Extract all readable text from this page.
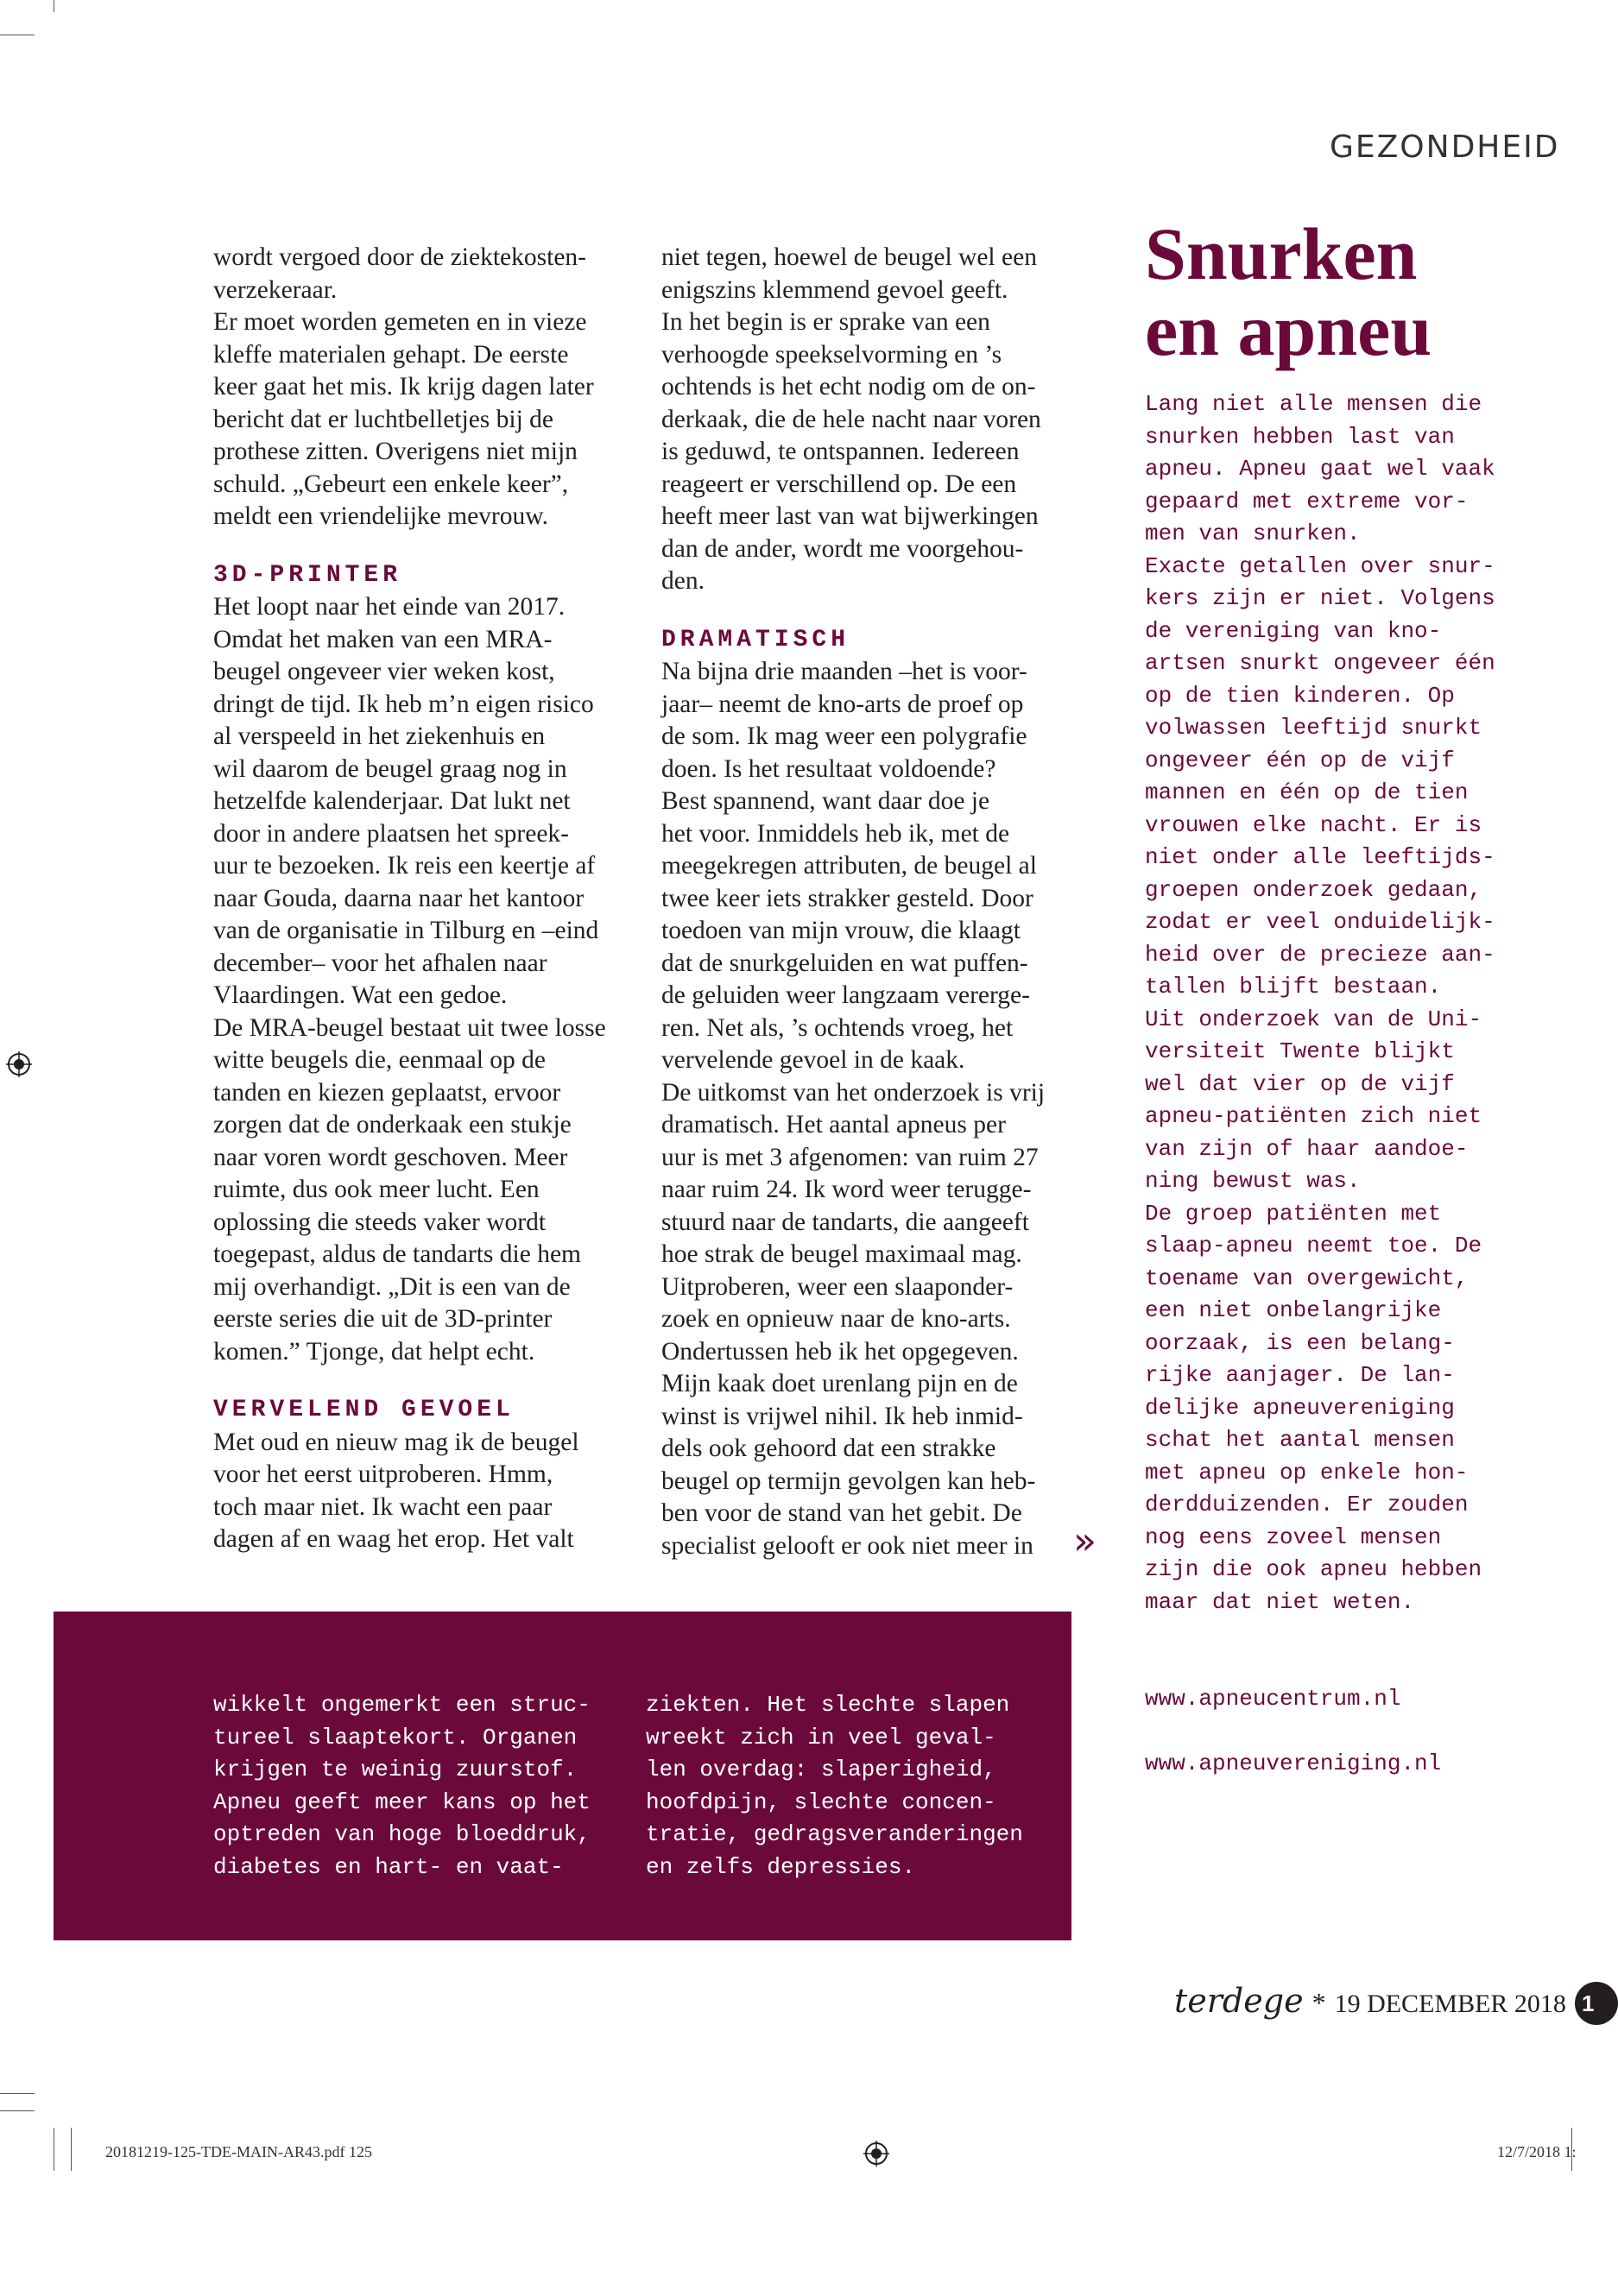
GEZONDHEID

wordt vergoed door de ziektekosten-
verzekeraar.
Er moet worden gemeten en in vieze
kleffe materialen gehapt. De eerste
keer gaat het mis. Ik krijg dagen later
bericht dat er luchtbelletjes bij de
prothese zitten. Overigens niet mijn
schuld. „Gebeurt een enkele keer”,
meldt een vriendelijke mevrouw.

3D-PRINTER

Het loopt naar het einde van 2017.
Omdat het maken van een MRA-
beugel ongeveer vier weken kost,
dringt de tijd. Ik heb m’n eigen risico
al verspeeld in het ziekenhuis en
wil daarom de beugel graag nog in
hetzelfde kalenderjaar. Dat lukt net
door in andere plaatsen het spreek-
uur te bezoeken. Ik reis een keertje af
naar Gouda, daarna naar het kantoor
van de organisatie in Tilburg en –eind
december– voor het afhalen naar
Vlaardingen. Wat een gedoe.
De MRA-beugel bestaat uit twee losse
witte beugels die, eenmaal op de
tanden en kiezen geplaatst, ervoor
zorgen dat de onderkaak een stukje
naar voren wordt geschoven. Meer
ruimte, dus ook meer lucht. Een
oplossing die steeds vaker wordt
toegepast, aldus de tandarts die hem
mij overhandigt. „Dit is een van de
eerste series die uit de 3D-printer
komen.” Tjonge, dat helpt echt.

VERVELEND GEVOEL

Met oud en nieuw mag ik de beugel
voor het eerst uitproberen. Hmm,
toch maar niet. Ik wacht een paar
dagen af en waag het erop. Het valt

niet tegen, hoewel de beugel wel een
enigszins klemmend gevoel geeft.
In het begin is er sprake van een
verhoogde speekselvorming en ’s
ochtends is het echt nodig om de on-
derkaak, die de hele nacht naar voren
is geduwd, te ontspannen. Iedereen
reageert er verschillend op. De een
heeft meer last van wat bijwerkingen
dan de ander, wordt me voorgehou-
den.

DRAMATISCH

Na bijna drie maanden –het is voor-
jaar– neemt de kno-arts de proef op
de som. Ik mag weer een polygrafie
doen. Is het resultaat voldoende?
Best spannend, want daar doe je
het voor. Inmiddels heb ik, met de
meegekregen attributen, de beugel al
twee keer iets strakker gesteld. Door
toedoen van mijn vrouw, die klaagt
dat de snurkgeluiden en wat puffen-
de geluiden weer langzaam vererge-
ren. Net als, ’s ochtends vroeg, het
vervelende gevoel in de kaak.
De uitkomst van het onderzoek is vrij
dramatisch. Het aantal apneus per
uur is met 3 afgenomen: van ruim 27
naar ruim 24. Ik word weer terugge-
stuurd naar de tandarts, die aangeeft
hoe strak de beugel maximaal mag.
Uitproberen, weer een slaaponder-
zoek en opnieuw naar de kno-arts.
Ondertussen heb ik het opgegeven.
Mijn kaak doet urenlang pijn en de
winst is vrijwel nihil. Ik heb inmid-
dels ook gehoord dat een strakke
beugel op termijn gevolgen kan heb-
ben voor de stand van het gebit. De
specialist gelooft er ook niet meer in	»
Snurken
en apneu

Lang niet alle mensen die
snurken hebben last van
apneu. Apneu gaat wel vaak
gepaard met extreme vor-
men van snurken.
Exacte getallen over snur-
kers zijn er niet. Volgens
de vereniging van kno-
artsen snurkt ongeveer één
op de tien kinderen. Op
volwassen leeftijd snurkt
ongeveer één op de vijf
mannen en één op de tien
vrouwen elke nacht. Er is
niet onder alle leeftijds-
groepen onderzoek gedaan,
zodat er veel onduidelijk-
heid over de precieze aan-
tallen blijft bestaan.
Uit onderzoek van de Uni-
versiteit Twente blijkt
wel dat vier op de vijf
apneu-patiënten zich niet
van zijn of haar aandoe-
ning bewust was.
De groep patiënten met
slaap-apneu neemt toe. De
toename van overgewicht,
een niet onbelangrijke
oorzaak, is een belang-
rijke aanjager. De lan-
delijke apneuvereniging
schat het aantal mensen
met apneu op enkele hon-
derdduizenden. Er zouden
nog eens zoveel mensen
zijn die ook apneu hebben
maar dat niet weten.

www.apneucentrum.nl

www.apneuvereniging.nl

wikkelt ongemerkt een struc-
tureel slaaptekort. Organen
krijgen te weinig zuurstof.
Apneu geeft meer kans op het
optreden van hoge bloeddruk,
diabetes en hart- en vaat-

ziekten. Het slechte slapen
wreekt zich in veel geval-
len overdag: slaperigheid,
hoofdpijn, slechte concen-
tratie, gedragsveranderingen
en zelfs depressies.

terdege * 19 DECEMBER 2018 1
20181219-125-TDE-MAIN-AR43.pdf 125	12/7/2018 1:
